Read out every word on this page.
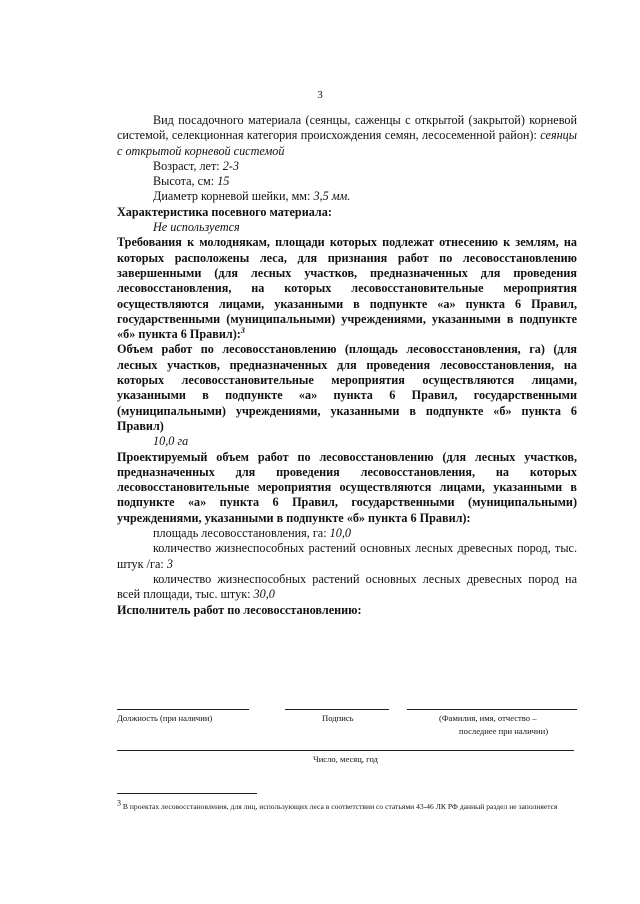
3

Вид посадочного материала (сеянцы, саженцы с открытой (закрытой) корневой системой, селекционная категория происхождения семян, лесосеменной район): сеянцы с открытой корневой системой

Возраст, лет: 2-3

Высота, см: 15

Диаметр корневой шейки, мм: 3,5 мм.

Характеристика посевного материала:

Не используется

Требования к молоднякам, площади которых подлежат отнесению к землям, на которых расположены леса, для признания работ по лесовосстановлению завершенными (для лесных участков, предназначенных для проведения лесовосстановления, на которых лесовосстановительные мероприятия осуществляются лицами, указанными в подпункте «а» пункта 6 Правил, государственными (муниципальными) учреждениями, указанными в подпункте «б» пункта 6 Правил):$^3$

Объем работ по лесовосстановлению (площадь лесовосстановления, га) (для лесных участков, предназначенных для проведения лесовосстановления, на которых лесовосстановительные мероприятия осуществляются лицами, указанными в подпункте «а» пункта 6 Правил, государственными (муниципальными) учреждениями, указанными в подпункте «б» пункта 6 Правил)

10,0 га

Проектируемый объем работ по лесовосстановлению (для лесных участков, предназначенных для проведения лесовосстановления, на которых лесовосстановительные мероприятия осуществляются лицами, указанными в подпункте «а» пункта 6 Правил, государственными (муниципальными) учреждениями, указанными в подпункте «б» пункта 6 Правил):

площадь лесовосстановления, га: 10,0

количество жизнеспособных растений основных лесных древесных пород, тыс. штук /га: 3

количество жизнеспособных растений основных лесных древесных пород на всей площади, тыс. штук: 30,0

Исполнитель работ по лесовосстановлению:

Должность (при наличии)	Подпись	(Фамилия, имя, отчество –
последнее при наличии)
Число, месяц, год
$^3$ В проектах лесовосстановления, для лиц, использующих леса в соответствии со статьями 43-46 ЛК РФ данный раздел не заполняется
